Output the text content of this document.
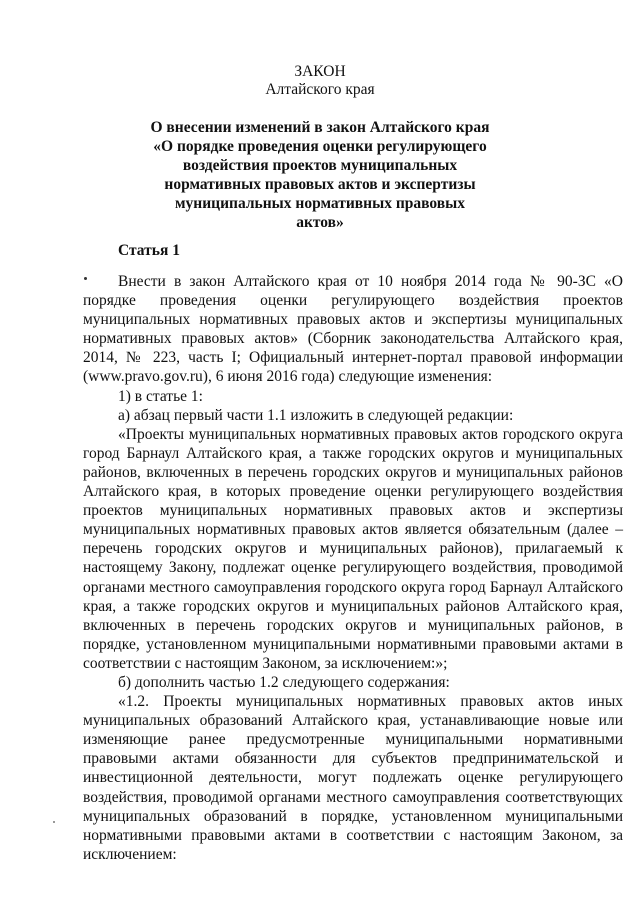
ЗАКОН
Алтайского края
О внесении изменений в закон Алтайского края «О порядке проведения оценки регулирующего воздействия проектов муниципальных нормативных правовых актов и экспертизы муниципальных нормативных правовых актов»
Статья 1

Внести в закон Алтайского края от 10 ноября 2014 года № 90-ЗС «О порядке проведения оценки регулирующего воздействия проектов муниципальных нормативных правовых актов и экспертизы муниципальных нормативных правовых актов» (Сборник законодательства Алтайского края, 2014, № 223, часть I; Официальный интернет-портал правовой информации (www.pravo.gov.ru), 6 июня 2016 года) следующие изменения:

1) в статье 1:

а) абзац первый части 1.1 изложить в следующей редакции:

«Проекты муниципальных нормативных правовых актов городского округа город Барнаул Алтайского края, а также городских округов и муниципальных районов, включенных в перечень городских округов и муниципальных районов Алтайского края, в которых проведение оценки регулирующего воздействия проектов муниципальных нормативных правовых актов и экспертизы муниципальных нормативных правовых актов является обязательным (далее – перечень городских округов и муниципальных районов), прилагаемый к настоящему Закону, подлежат оценке регулирующего воздействия, проводимой органами местного самоуправления городского округа город Барнаул Алтайского края, а также городских округов и муниципальных районов Алтайского края, включенных в перечень городских округов и муниципальных районов, в порядке, установленном муниципальными нормативными правовыми актами в соответствии с настоящим Законом, за исключением:»;

б) дополнить частью 1.2 следующего содержания:

«1.2. Проекты муниципальных нормативных правовых актов иных муниципальных образований Алтайского края, устанавливающие новые или изменяющие ранее предусмотренные муниципальными нормативными правовыми актами обязанности для субъектов предпринимательской и инвестиционной деятельности, могут подлежать оценке регулирующего воздействия, проводимой органами местного самоуправления соответствующих муниципальных образований в порядке, установленном муниципальными нормативными правовыми актами в соответствии с настоящим Законом, за исключением:
